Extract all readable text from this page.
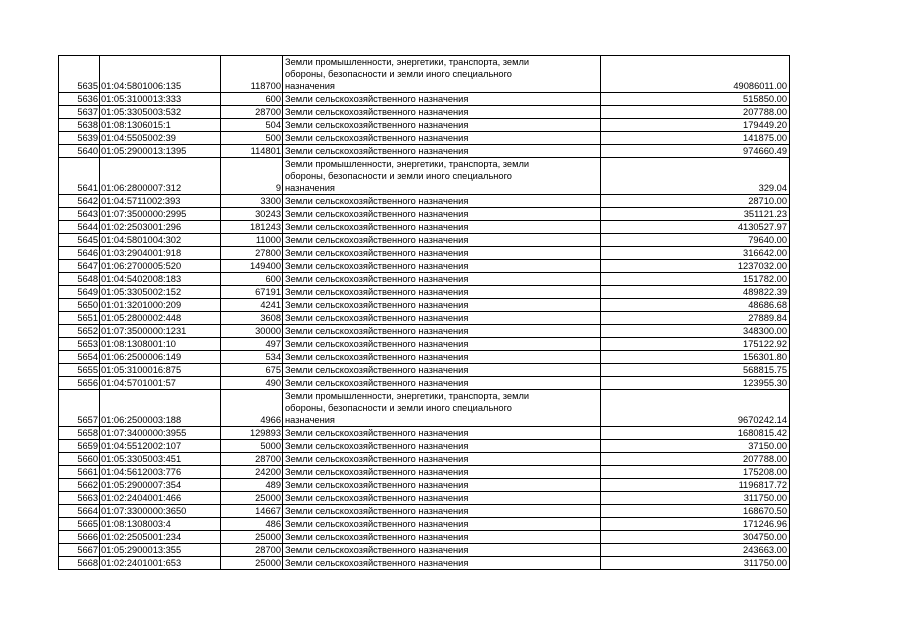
5635	01:04:5801006:135	118700	Земли промышленности, энергетики, транспорта, земли
обороны, безопасности и земли иного специального
назначения	49086011.00
5636	01:05:3100013:333	600	Земли сельскохозяйственного назначения	515850.00
5637	01:05:3305003:532	28700	Земли сельскохозяйственного назначения	207788.00
5638	01:08:1306015:1	504	Земли сельскохозяйственного назначения	179449.20
5639	01:04:5505002:39	500	Земли сельскохозяйственного назначения	141875.00
5640	01:05:2900013:1395	114801	Земли сельскохозяйственного назначения	974660.49
5641	01:06:2800007:312	9	Земли промышленности, энергетики, транспорта, земли
обороны, безопасности и земли иного специального
назначения	329.04
5642	01:04:5711002:393	3300	Земли сельскохозяйственного назначения	28710.00
5643	01:07:3500000:2995	30243	Земли сельскохозяйственного назначения	351121.23
5644	01:02:2503001:296	181243	Земли сельскохозяйственного назначения	4130527.97
5645	01:04:5801004:302	11000	Земли сельскохозяйственного назначения	79640.00
5646	01:03:2904001:918	27800	Земли сельскохозяйственного назначения	316642.00
5647	01:06:2700005:520	149400	Земли сельскохозяйственного назначения	1237032.00
5648	01:04:5402008:183	600	Земли сельскохозяйственного назначения	151782.00
5649	01:05:3305002:152	67191	Земли сельскохозяйственного назначения	489822.39
5650	01:01:3201000:209	4241	Земли сельскохозяйственного назначения	48686.68
5651	01:05:2800002:448	3608	Земли сельскохозяйственного назначения	27889.84
5652	01:07:3500000:1231	30000	Земли сельскохозяйственного назначения	348300.00
5653	01:08:1308001:10	497	Земли сельскохозяйственного назначения	175122.92
5654	01:06:2500006:149	534	Земли сельскохозяйственного назначения	156301.80
5655	01:05:3100016:875	675	Земли сельскохозяйственного назначения	568815.75
5656	01:04:5701001:57	490	Земли сельскохозяйственного назначения	123955.30
5657	01:06:2500003:188	4966	Земли промышленности, энергетики, транспорта, земли
обороны, безопасности и земли иного специального
назначения	9670242.14
5658	01:07:3400000:3955	129893	Земли сельскохозяйственного назначения	1680815.42
5659	01:04:5512002:107	5000	Земли сельскохозяйственного назначения	37150.00
5660	01:05:3305003:451	28700	Земли сельскохозяйственного назначения	207788.00
5661	01:04:5612003:776	24200	Земли сельскохозяйственного назначения	175208.00
5662	01:05:2900007:354	489	Земли сельскохозяйственного назначения	1196817.72
5663	01:02:2404001:466	25000	Земли сельскохозяйственного назначения	311750.00
5664	01:07:3300000:3650	14667	Земли сельскохозяйственного назначения	168670.50
5665	01:08:1308003:4	486	Земли сельскохозяйственного назначения	171246.96
5666	01:02:2505001:234	25000	Земли сельскохозяйственного назначения	304750.00
5667	01:05:2900013:355	28700	Земли сельскохозяйственного назначения	243663.00
5668	01:02:2401001:653	25000	Земли сельскохозяйственного назначения	311750.00
